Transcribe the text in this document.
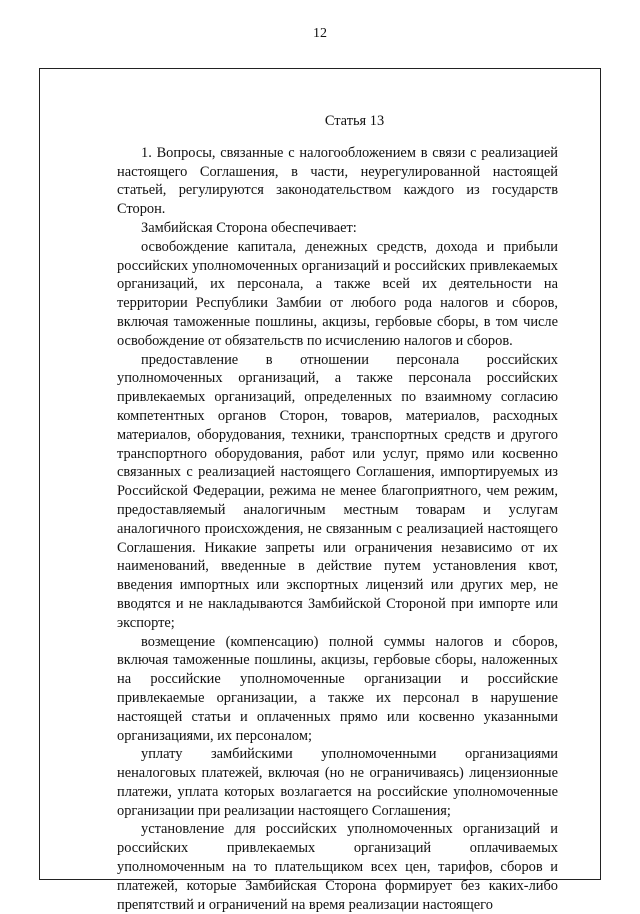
12
Статья 13

1. Вопросы, связанные с налогообложением в связи с реализацией настоящего Соглашения, в части, неурегулированной настоящей статьей, регулируются законодательством каждого из государств Сторон.

Замбийская Сторона обеспечивает:

освобождение капитала, денежных средств, дохода и прибыли российских уполномоченных организаций и российских привлекаемых организаций, их персонала, а также всей их деятельности на территории Республики Замбии от любого рода налогов и сборов, включая таможенные пошлины, акцизы, гербовые сборы, в том числе освобождение от обязательств по исчислению налогов и сборов.

предоставление в отношении персонала российских уполномоченных организаций, а также персонала российских привлекаемых организаций, определенных по взаимному согласию компетентных органов Сторон, товаров, материалов, расходных материалов, оборудования, техники, транспортных средств и другого транспортного оборудования, работ или услуг, прямо или косвенно связанных с реализацией настоящего Соглашения, импортируемых из Российской Федерации, режима не менее благоприятного, чем режим, предоставляемый аналогичным местным товарам и услугам аналогичного происхождения, не связанным с реализацией настоящего Соглашения. Никакие запреты или ограничения независимо от их наименований, введенные в действие путем установления квот, введения импортных или экспортных лицензий или других мер, не вводятся и не накладываются Замбийской Стороной при импорте или экспорте;

возмещение (компенсацию) полной суммы налогов и сборов, включая таможенные пошлины, акцизы, гербовые сборы, наложенных на российские уполномоченные организации и российские привлекаемые организации, а также их персонал в нарушение настоящей статьи и оплаченных прямо или косвенно указанными организациями, их персоналом;

уплату замбийскими уполномоченными организациями неналоговых платежей, включая (но не ограничиваясь) лицензионные платежи, уплата которых возлагается на российские уполномоченные организации при реализации настоящего Соглашения;

установление для российских уполномоченных организаций и российских привлекаемых организаций оплачиваемых уполномоченным на то плательщиком всех цен, тарифов, сборов и платежей, которые Замбийская Сторона формирует без каких-либо препятствий и ограничений на время реализации настоящего
